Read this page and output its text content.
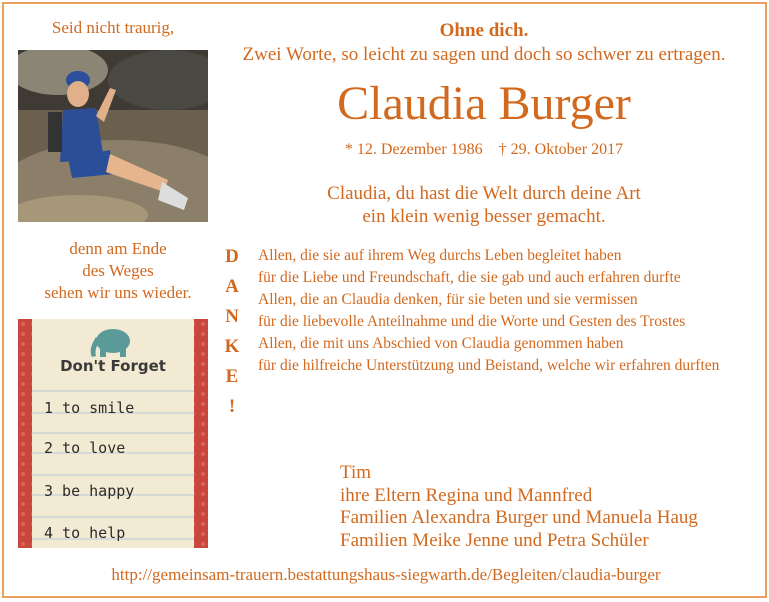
Seid nicht traurig,
denn am Ende
des Weges
sehen wir uns wieder.
Don't Forget
1 to smile
2 to love
3 be happy
4 to help
Ohne dich.
Zwei Worte, so leicht zu sagen und doch so schwer zu ertragen.
Claudia Burger
* 12. Dezember 1986 † 29. Oktober 2017
Claudia, du hast die Welt durch deine Art
ein klein wenig besser gemacht.
D
A
N
K
E
!
Allen, die sie auf ihrem Weg durchs Leben begleitet haben
für die Liebe und Freundschaft, die sie gab und auch erfahren durfte
Allen, die an Claudia denken, für sie beten und sie vermissen
für die liebevolle Anteilnahme und die Worte und Gesten des Trostes
Allen, die mit uns Abschied von Claudia genommen haben
für die hilfreiche Unterstützung und Beistand, welche wir erfahren durften
Tim
ihre Eltern Regina und Mannfred
Familien Alexandra Burger und Manuela Haug
Familien Meike Jenne und Petra Schüler
http://gemeinsam-trauern.bestattungshaus-siegwarth.de/Begleiten/claudia-burger
